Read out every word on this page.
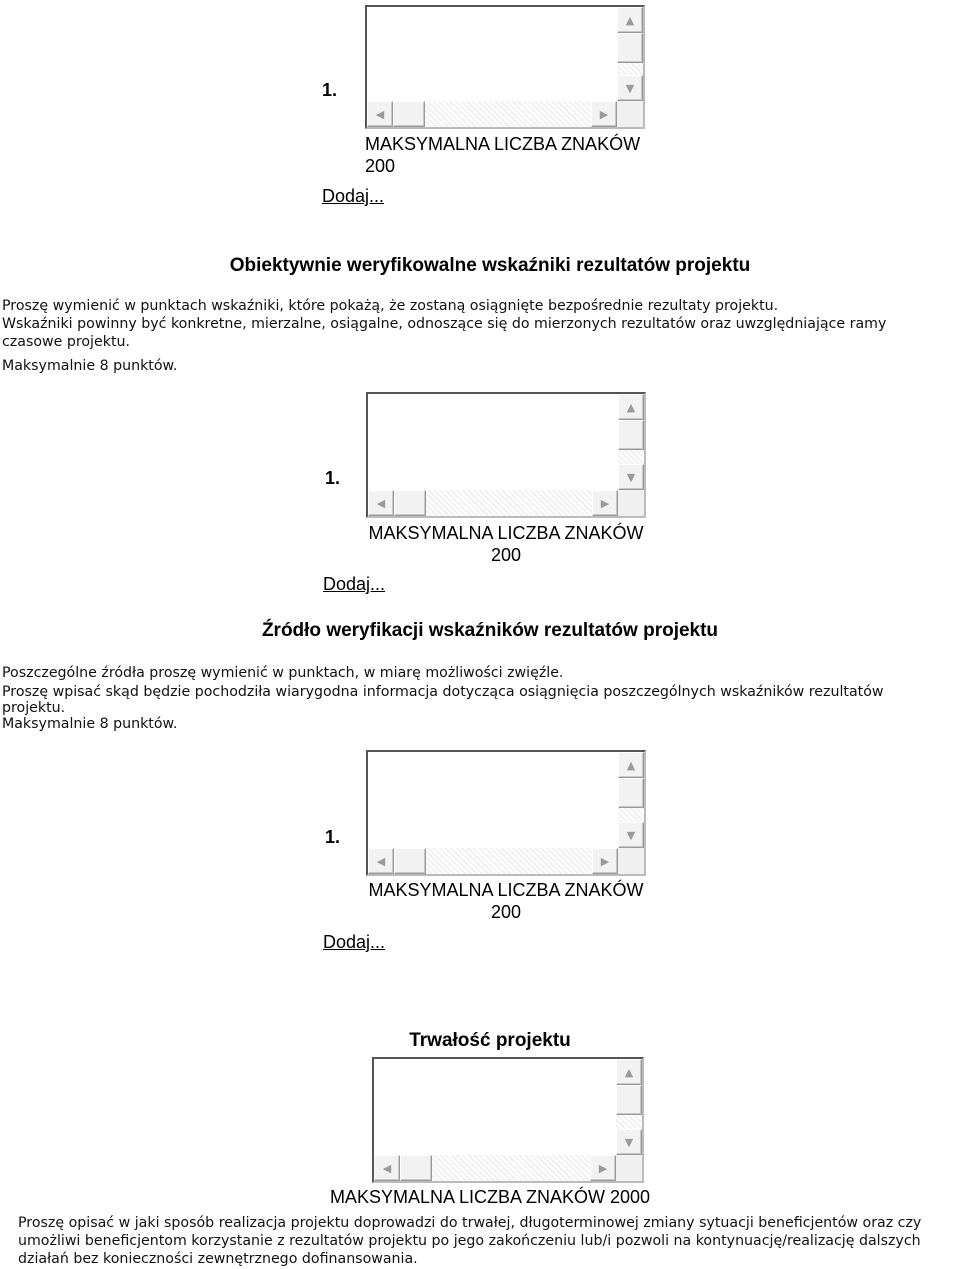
1.
▲
▼
◀	▶
MAKSYMALNA LICZBA ZNAKÓW
200
Dodaj...
Obiektywnie weryfikowalne wskaźniki rezultatów projektu
Proszę wymienić w punktach wskaźniki, które pokażą, że zostaną osiągnięte bezpośrednie rezultaty projektu.
Wskaźniki powinny być konkretne, mierzalne, osiągalne, odnoszące się do mierzonych rezultatów oraz uwzględniające ramy
czasowe projektu.
Maksymalnie 8 punktów.
1.
▲
▼
◀	▶
MAKSYMALNA LICZBA ZNAKÓW
200
Dodaj...
Źródło weryfikacji wskaźników rezultatów projektu
Poszczególne źródła proszę wymienić w punktach, w miarę możliwości zwięźle.
Proszę wpisać skąd będzie pochodziła wiarygodna informacja dotycząca osiągnięcia poszczególnych wskaźników rezultatów
projektu.
Maksymalnie 8 punktów.
1.
▲
▼
◀	▶
MAKSYMALNA LICZBA ZNAKÓW
200
Dodaj...
Trwałość projektu
▲
▼
◀	▶
MAKSYMALNA LICZBA ZNAKÓW 2000
Proszę opisać w jaki sposób realizacja projektu doprowadzi do trwałej, długoterminowej zmiany sytuacji beneficjentów oraz czy
umożliwi beneficjentom korzystanie z rezultatów projektu po jego zakończeniu lub/i pozwoli na kontynuację/realizację dalszych
działań bez konieczności zewnętrznego dofinansowania.
